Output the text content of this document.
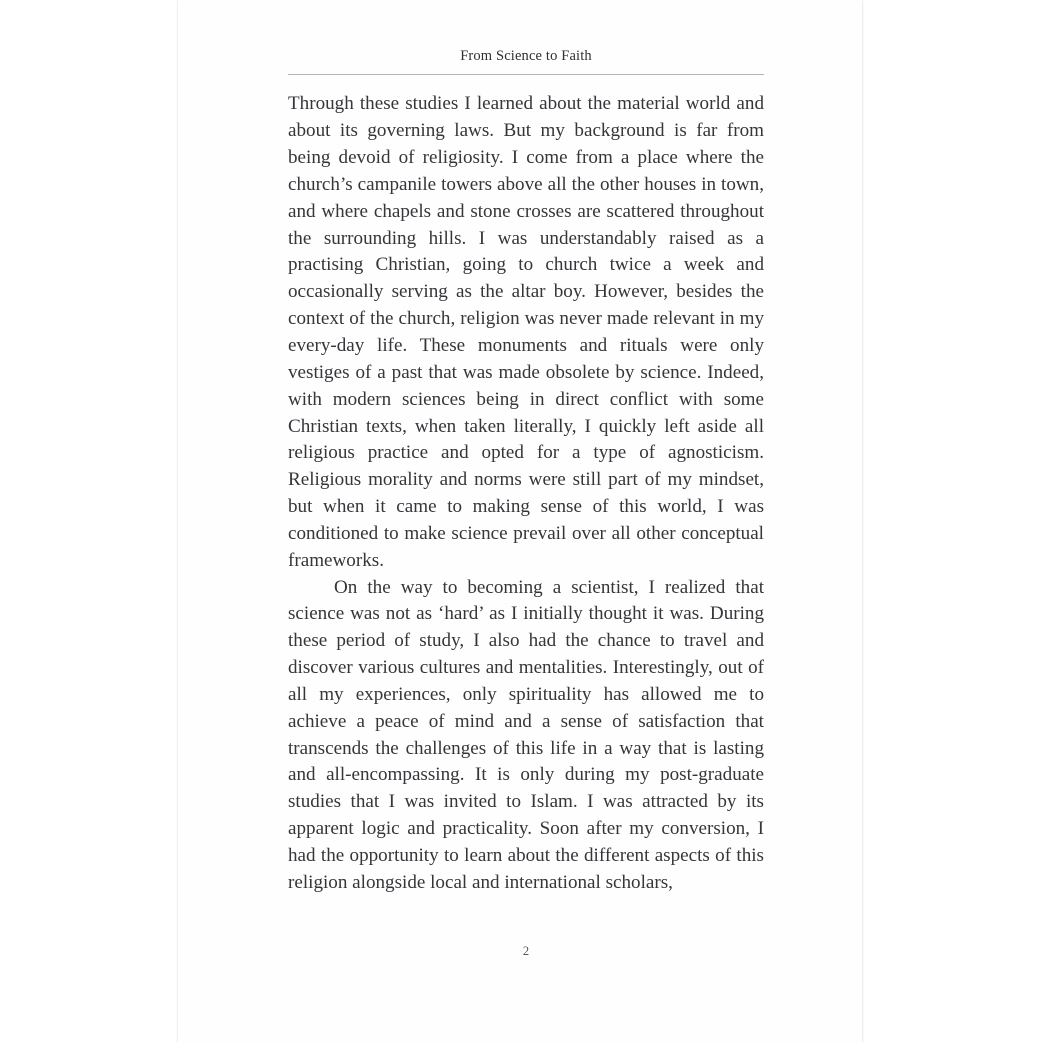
From Science to Faith

Through these studies I learned about the material world and about its governing laws. But my background is far from being devoid of religiosity. I come from a place where the church’s campanile towers above all the other houses in town, and where chapels and stone crosses are scattered throughout the surrounding hills. I was understandably raised as a practising Christian, going to church twice a week and occasionally serving as the altar boy. However, besides the context of the church, religion was never made relevant in my every-day life. These monuments and rituals were only vestiges of a past that was made obsolete by science. Indeed, with modern sciences being in direct conflict with some Christian texts, when taken literally, I quickly left aside all religious practice and opted for a type of agnosticism. Religious morality and norms were still part of my mindset, but when it came to making sense of this world, I was conditioned to make science prevail over all other conceptual frameworks.

On the way to becoming a scientist, I realized that science was not as ‘hard’ as I initially thought it was. During these period of study, I also had the chance to travel and discover various cultures and mentalities. Interestingly, out of all my experiences, only spirituality has allowed me to achieve a peace of mind and a sense of satisfaction that transcends the challenges of this life in a way that is lasting and all-encompassing. It is only during my post-graduate studies that I was invited to Islam. I was attracted by its apparent logic and practicality. Soon after my conversion, I had the opportunity to learn about the different aspects of this religion alongside local and international scholars,

2
